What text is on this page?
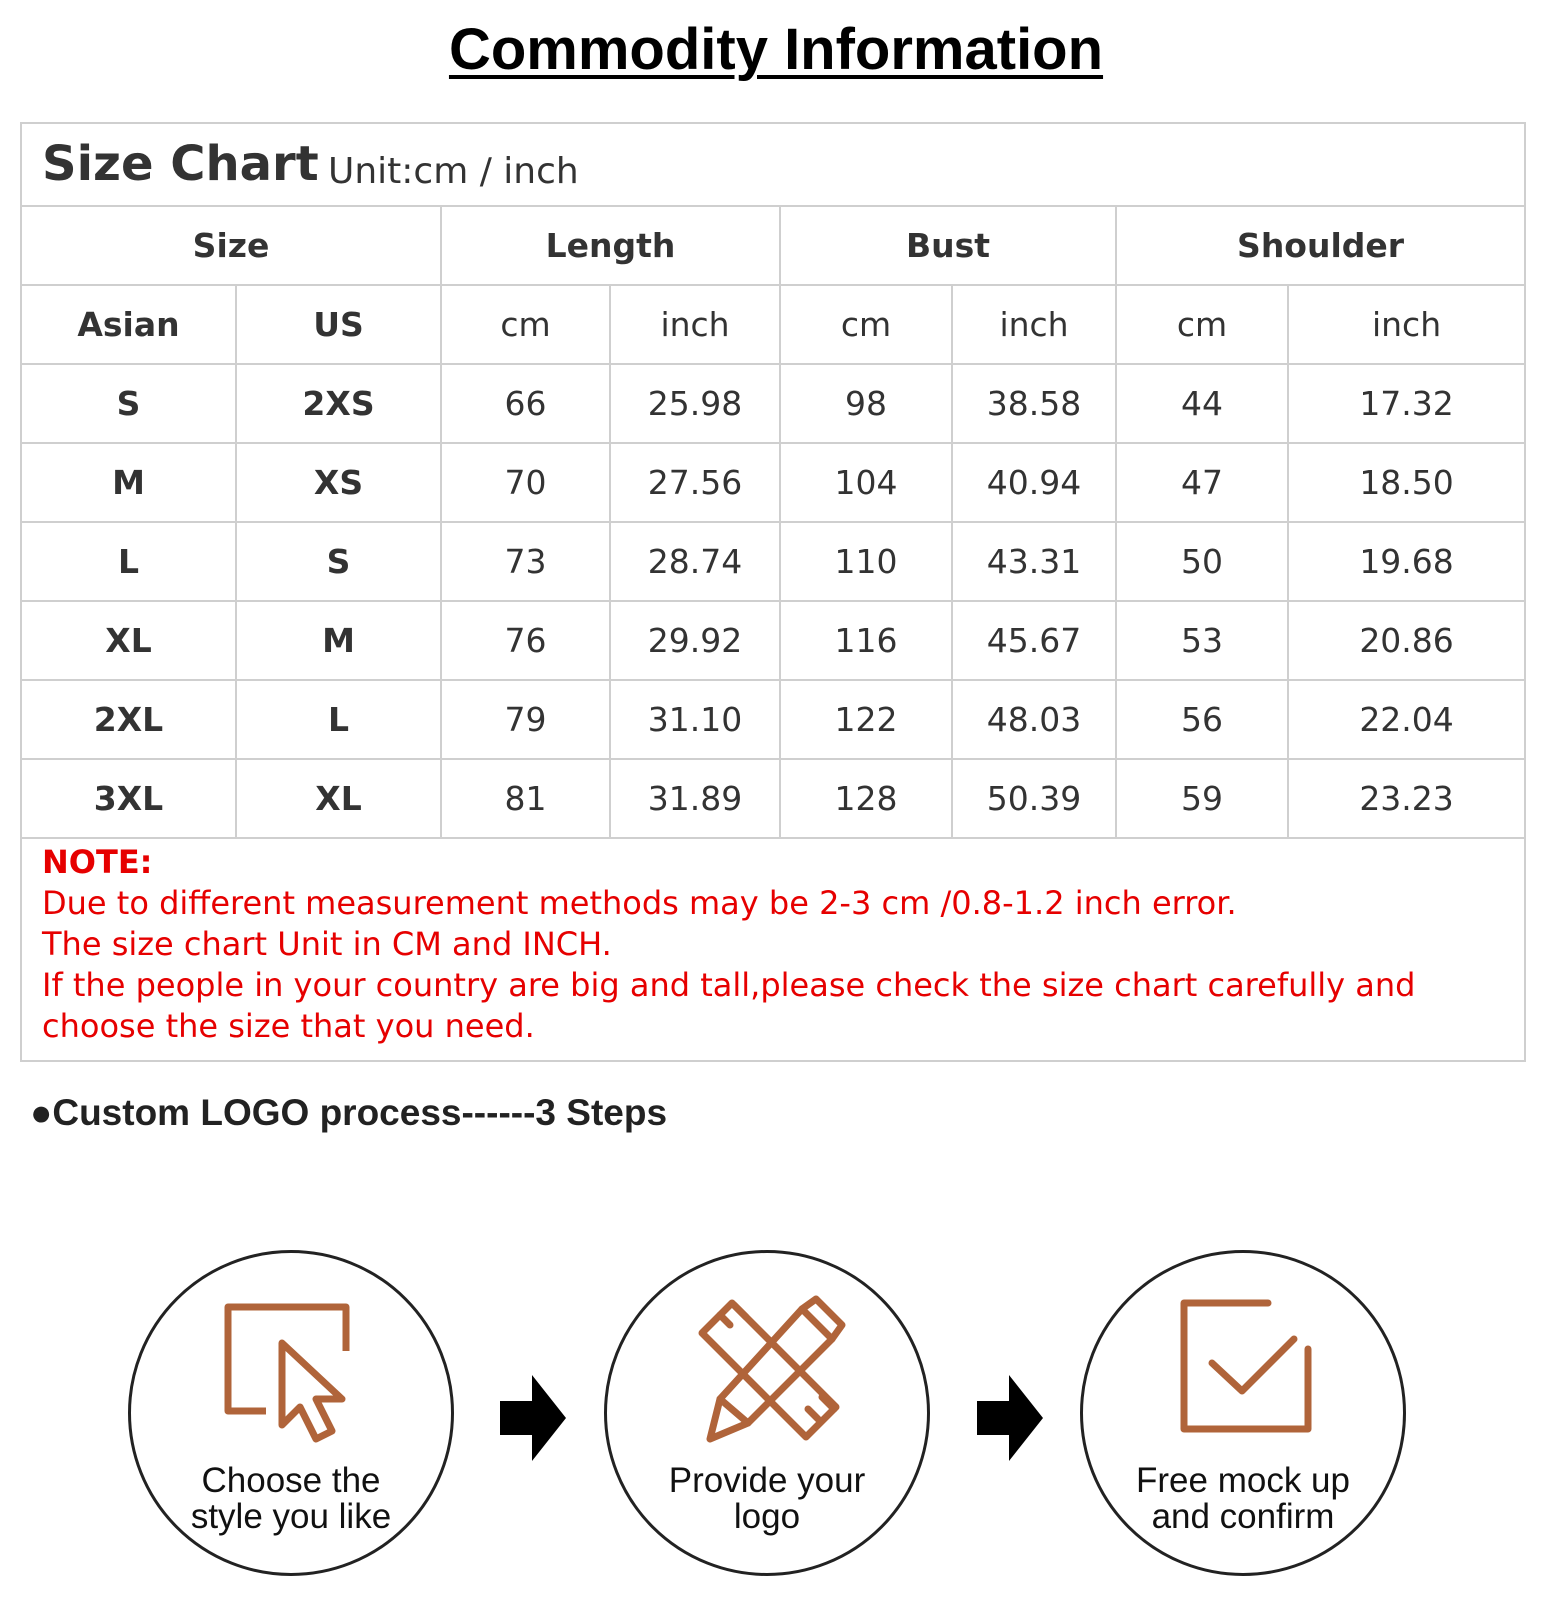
Commodity Information
Size Chart Unit:cm / inch
Size		Length		Bust		Shoulder	
Asian	US	cm	inch	cm	inch	cm	inch
S	2XS	66	25.98	98	38.58	44	17.32
M	XS	70	27.56	104	40.94	47	18.50
L	S	73	28.74	110	43.31	50	19.68
XL	M	76	29.92	116	45.67	53	20.86
2XL	L	79	31.10	122	48.03	56	22.04
3XL	XL	81	31.89	128	50.39	59	23.23
NOTE:
Due to different measurement methods may be 2-3 cm /0.8-1.2 inch error.
The size chart Unit in CM and INCH.
If the people in your country are big and tall,please check the size chart carefully and choose the size that you need.
●Custom LOGO process------3 Steps
Choose the
style you like
Provide your
logo
Free mock up
and confirm
